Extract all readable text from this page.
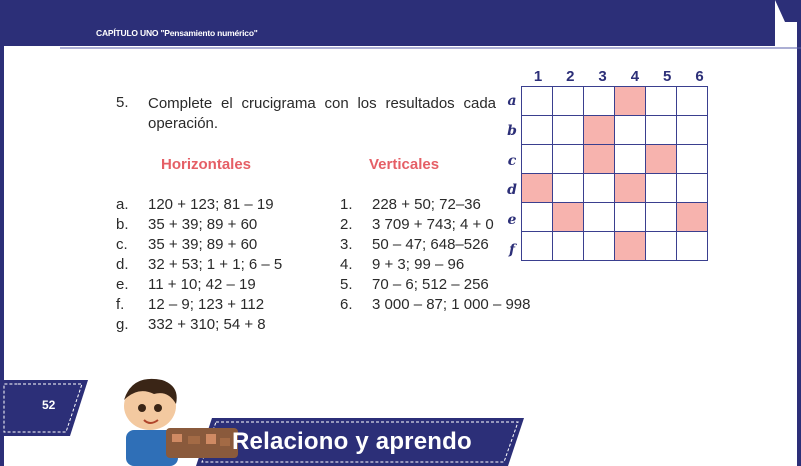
CAPÍTULO UNO "Pensamiento numérico"
5. Complete el crucigrama con los resultados cada operación.
Horizontales	Verticales
a. 120 + 123; 81 – 19
b. 35 + 39; 89 + 60
c. 35 + 39; 89 + 60
d. 32 + 53; 1 + 1; 6 – 5
e. 11 + 10; 42 – 19
f. 12 – 9; 123 + 112
g. 332 + 310; 54 + 8
1. 228 + 50; 72–36
2. 3 709 + 743; 4 + 0
3. 50 – 47; 648–526
4. 9 + 3; 99 – 96
5. 70 – 6; 512 – 256
6. 3 000 – 87; 1 000 – 998
1	2	3	4	5	6
a
b
c
d
e
f

52
Relaciono y aprendo
